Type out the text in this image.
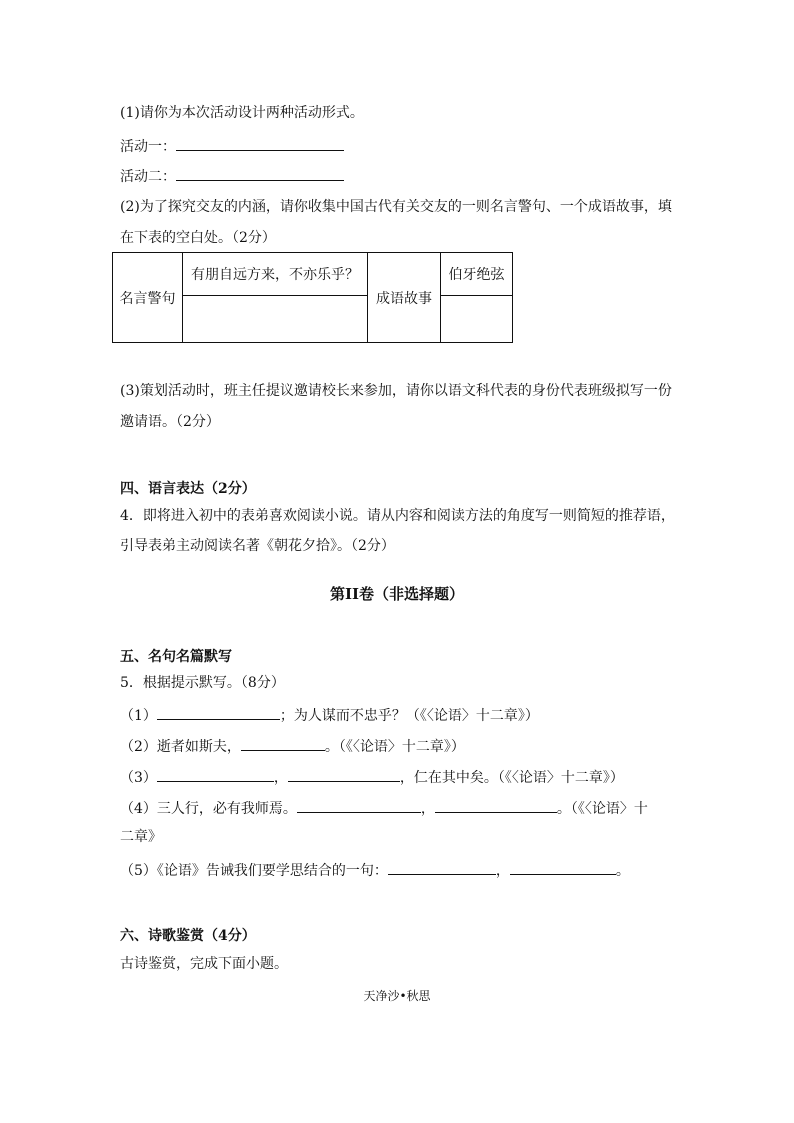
(1)请你为本次活动设计两种活动形式。
活动一：
活动二：
(2)为了探究交友的内涵，请你收集中国古代有关交友的一则名言警句、一个成语故事，填
在下表的空白处。（2分）
名言警句	有朋自远方来，不亦乐乎？	成语故事	伯牙绝弦

(3)策划活动时，班主任提议邀请校长来参加，请你以语文科代表的身份代表班级拟写一份
邀请语。（2分）
四、语言表达（2分）
4．即将进入初中的表弟喜欢阅读小说。请从内容和阅读方法的角度写一则简短的推荐语，
引导表弟主动阅读名著《朝花夕拾》。（2分）
第II卷（非选择题）
五、名句名篇默写
5．根据提示默写。（8分）
（1）	；为人谋而不忠乎？（《〈论语〉十二章》）
（2）逝者如斯夫，	。（《〈论语〉十二章》）
（3）	，	，仁在其中矣。（《〈论语〉十二章》）
（4）三人行，必有我师焉。	，	。（《〈论语〉十
二章》
（5）《论语》告诫我们要学思结合的一句：	，	。
六、诗歌鉴赏（4分）
古诗鉴赏，完成下面小题。
天净沙•秋思
